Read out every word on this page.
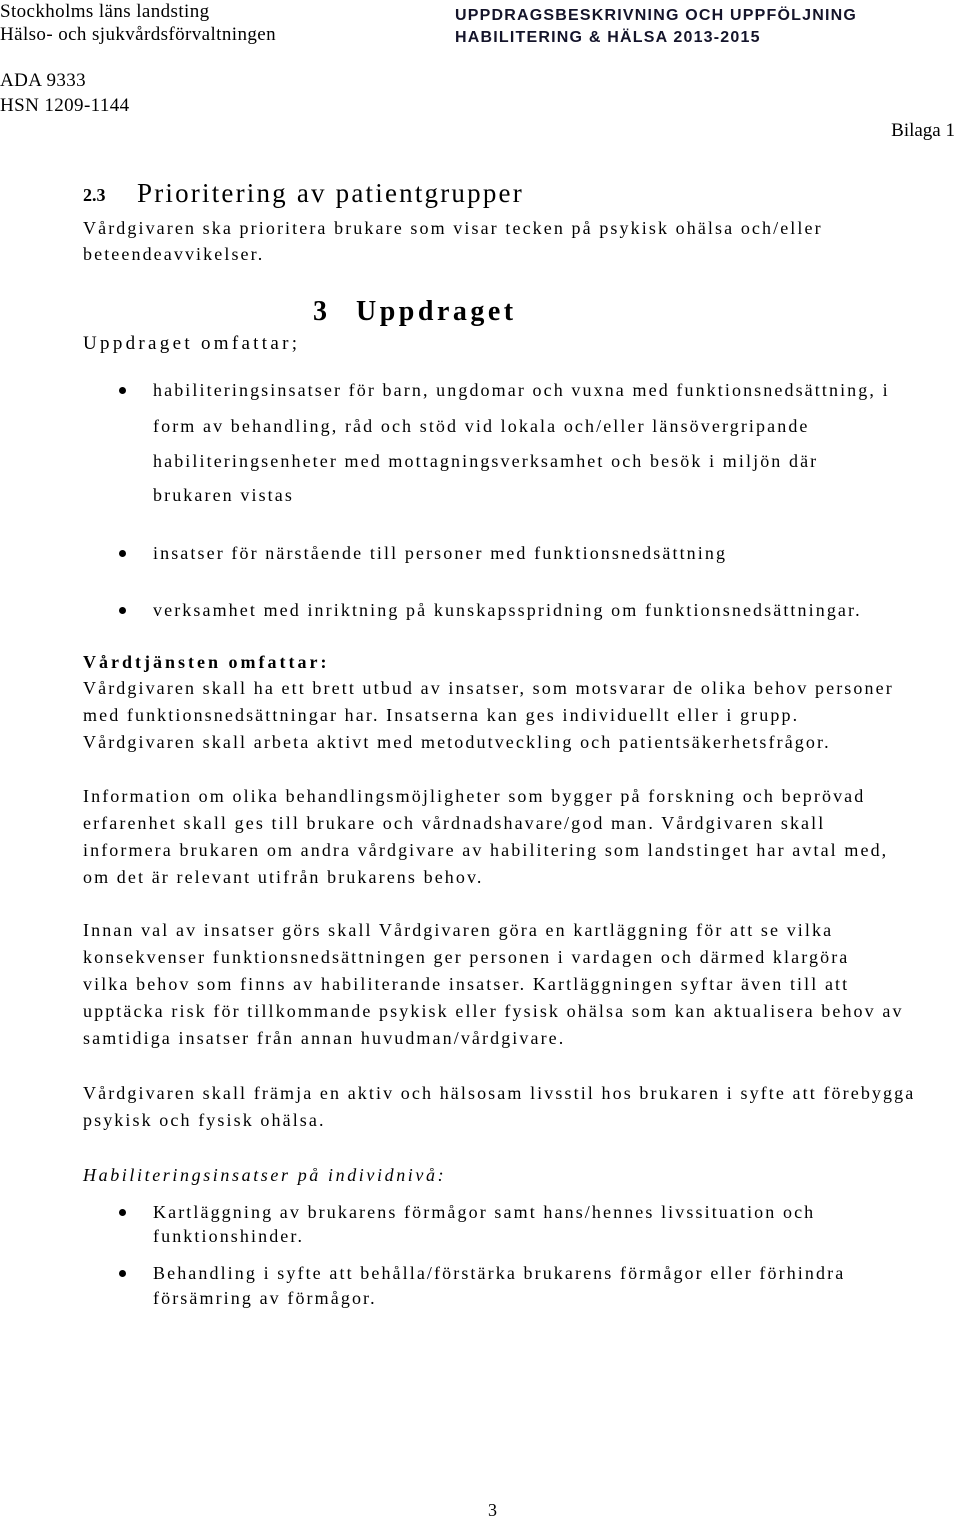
Stockholms läns landsting
Hälso- och sjukvårdsförvaltningen
UPPDRAGSBESKRIVNING OCH UPPFÖLJNING
HABILITERING & HÄLSA 2013-2015
ADA 9333
HSN 1209-1144
Bilaga 1
2.3 Prioritering av patientgrupper
Vårdgivaren ska prioritera brukare som visar tecken på psykisk ohälsa och/eller
beteendeavvikelser.
3 Uppdraget
Uppdraget omfattar;
habiliteringsinsatser för barn, ungdomar och vuxna med funktionsnedsättning, i
form av behandling, råd och stöd vid lokala och/eller länsövergripande
habiliteringsenheter med mottagningsverksamhet och besök i miljön där
brukaren vistas
insatser för närstående till personer med funktionsnedsättning
verksamhet med inriktning på kunskapsspridning om funktionsnedsättningar.
Vårdtjänsten omfattar:
Vårdgivaren skall ha ett brett utbud av insatser, som motsvarar de olika behov personer
med funktionsnedsättningar har. Insatserna kan ges individuellt eller i grupp.
Vårdgivaren skall arbeta aktivt med metodutveckling och patientsäkerhetsfrågor.
Information om olika behandlingsmöjligheter som bygger på forskning och beprövad
erfarenhet skall ges till brukare och vårdnadshavare/god man. Vårdgivaren skall
informera brukaren om andra vårdgivare av habilitering som landstinget har avtal med,
om det är relevant utifrån brukarens behov.
Innan val av insatser görs skall Vårdgivaren göra en kartläggning för att se vilka
konsekvenser funktionsnedsättningen ger personen i vardagen och därmed klargöra
vilka behov som finns av habiliterande insatser. Kartläggningen syftar även till att
upptäcka risk för tillkommande psykisk eller fysisk ohälsa som kan aktualisera behov av
samtidiga insatser från annan huvudman/vårdgivare.
Vårdgivaren skall främja en aktiv och hälsosam livsstil hos brukaren i syfte att förebygga
psykisk och fysisk ohälsa.
Habiliteringsinsatser på individnivå:
Kartläggning av brukarens förmågor samt hans/hennes livssituation och
funktionshinder.
Behandling i syfte att behålla/förstärka brukarens förmågor eller förhindra
försämring av förmågor.
3
